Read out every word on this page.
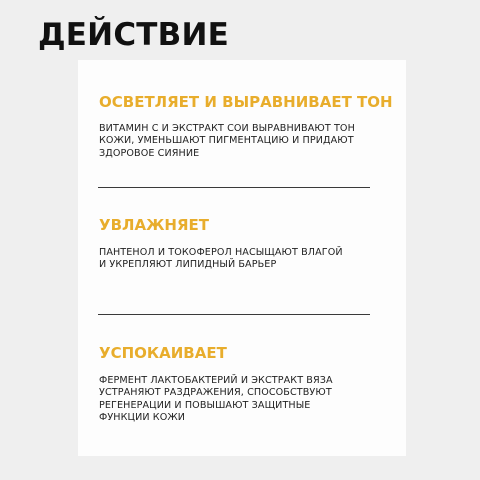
ДЕЙСТВИЕ
ОСВЕТЛЯЕТ И ВЫРАВНИВАЕТ ТОН

ВИТАМИН С И ЭКСТРАКТ СОИ ВЫРАВНИВАЮТ ТОН
КОЖИ, УМЕНЬШАЮТ ПИГМЕНТАЦИЮ И ПРИДАЮТ
ЗДОРОВОЕ СИЯНИЕ

УВЛАЖНЯЕТ

ПАНТЕНОЛ И ТОКОФЕРОЛ НАСЫЩАЮТ ВЛАГОЙ
И УКРЕПЛЯЮТ ЛИПИДНЫЙ БАРЬЕР

УСПОКАИВАЕТ

ФЕРМЕНТ ЛАКТОБАКТЕРИЙ И ЭКСТРАКТ ВЯЗА
УСТРАНЯЮТ РАЗДРАЖЕНИЯ, СПОСОБСТВУЮТ
РЕГЕНЕРАЦИИ И ПОВЫШАЮТ ЗАЩИТНЫЕ
ФУНКЦИИ КОЖИ
